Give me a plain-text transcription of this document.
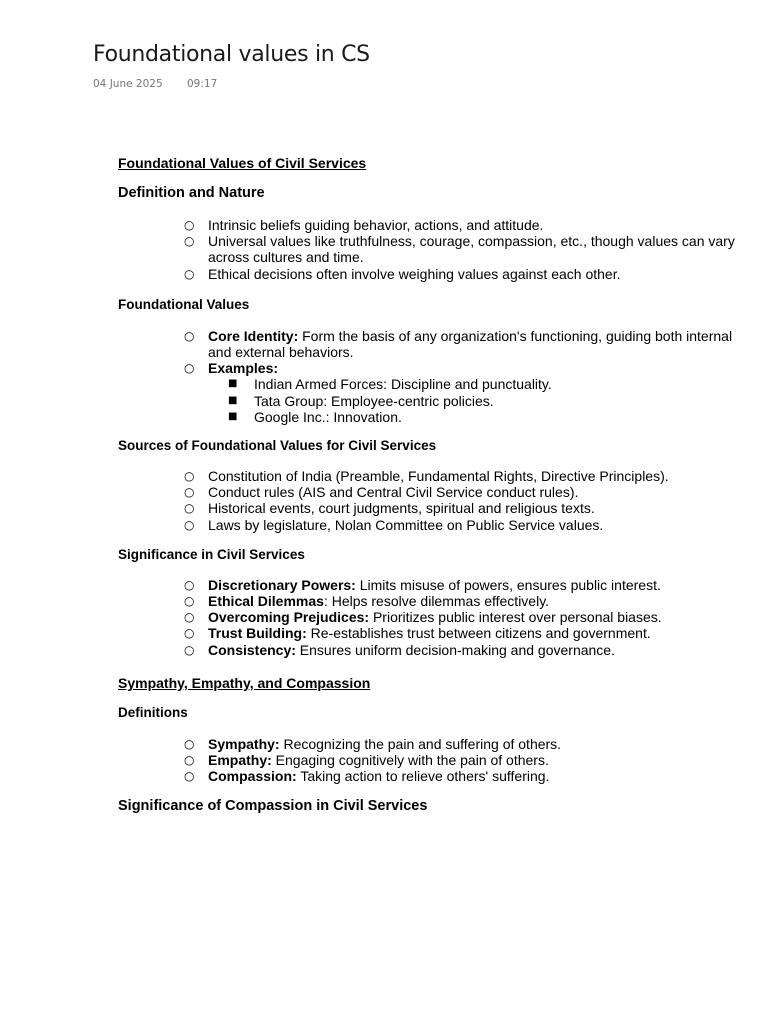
Foundational values in CS
04 June 2025 09:17
Foundational Values of Civil Services
Definition and Nature
○ Intrinsic beliefs guiding behavior, actions, and attitude.
○ Universal values like truthfulness, courage, compassion, etc., though values can vary across cultures and time.
○ Ethical decisions often involve weighing values against each other.
Foundational Values
○ Core Identity: Form the basis of any organization's functioning, guiding both internal and external behaviors.
○ Examples:
■ Indian Armed Forces: Discipline and punctuality.
■ Tata Group: Employee-centric policies.
■ Google Inc.: Innovation.
Sources of Foundational Values for Civil Services
○ Constitution of India (Preamble, Fundamental Rights, Directive Principles).
○ Conduct rules (AIS and Central Civil Service conduct rules).
○ Historical events, court judgments, spiritual and religious texts.
○ Laws by legislature, Nolan Committee on Public Service values.
Significance in Civil Services
○ Discretionary Powers: Limits misuse of powers, ensures public interest.
○ Ethical Dilemmas: Helps resolve dilemmas effectively.
○ Overcoming Prejudices: Prioritizes public interest over personal biases.
○ Trust Building: Re-establishes trust between citizens and government.
○ Consistency: Ensures uniform decision-making and governance.
Sympathy, Empathy, and Compassion
Definitions
○ Sympathy: Recognizing the pain and suffering of others.
○ Empathy: Engaging cognitively with the pain of others.
○ Compassion: Taking action to relieve others' suffering.
Significance of Compassion in Civil Services
